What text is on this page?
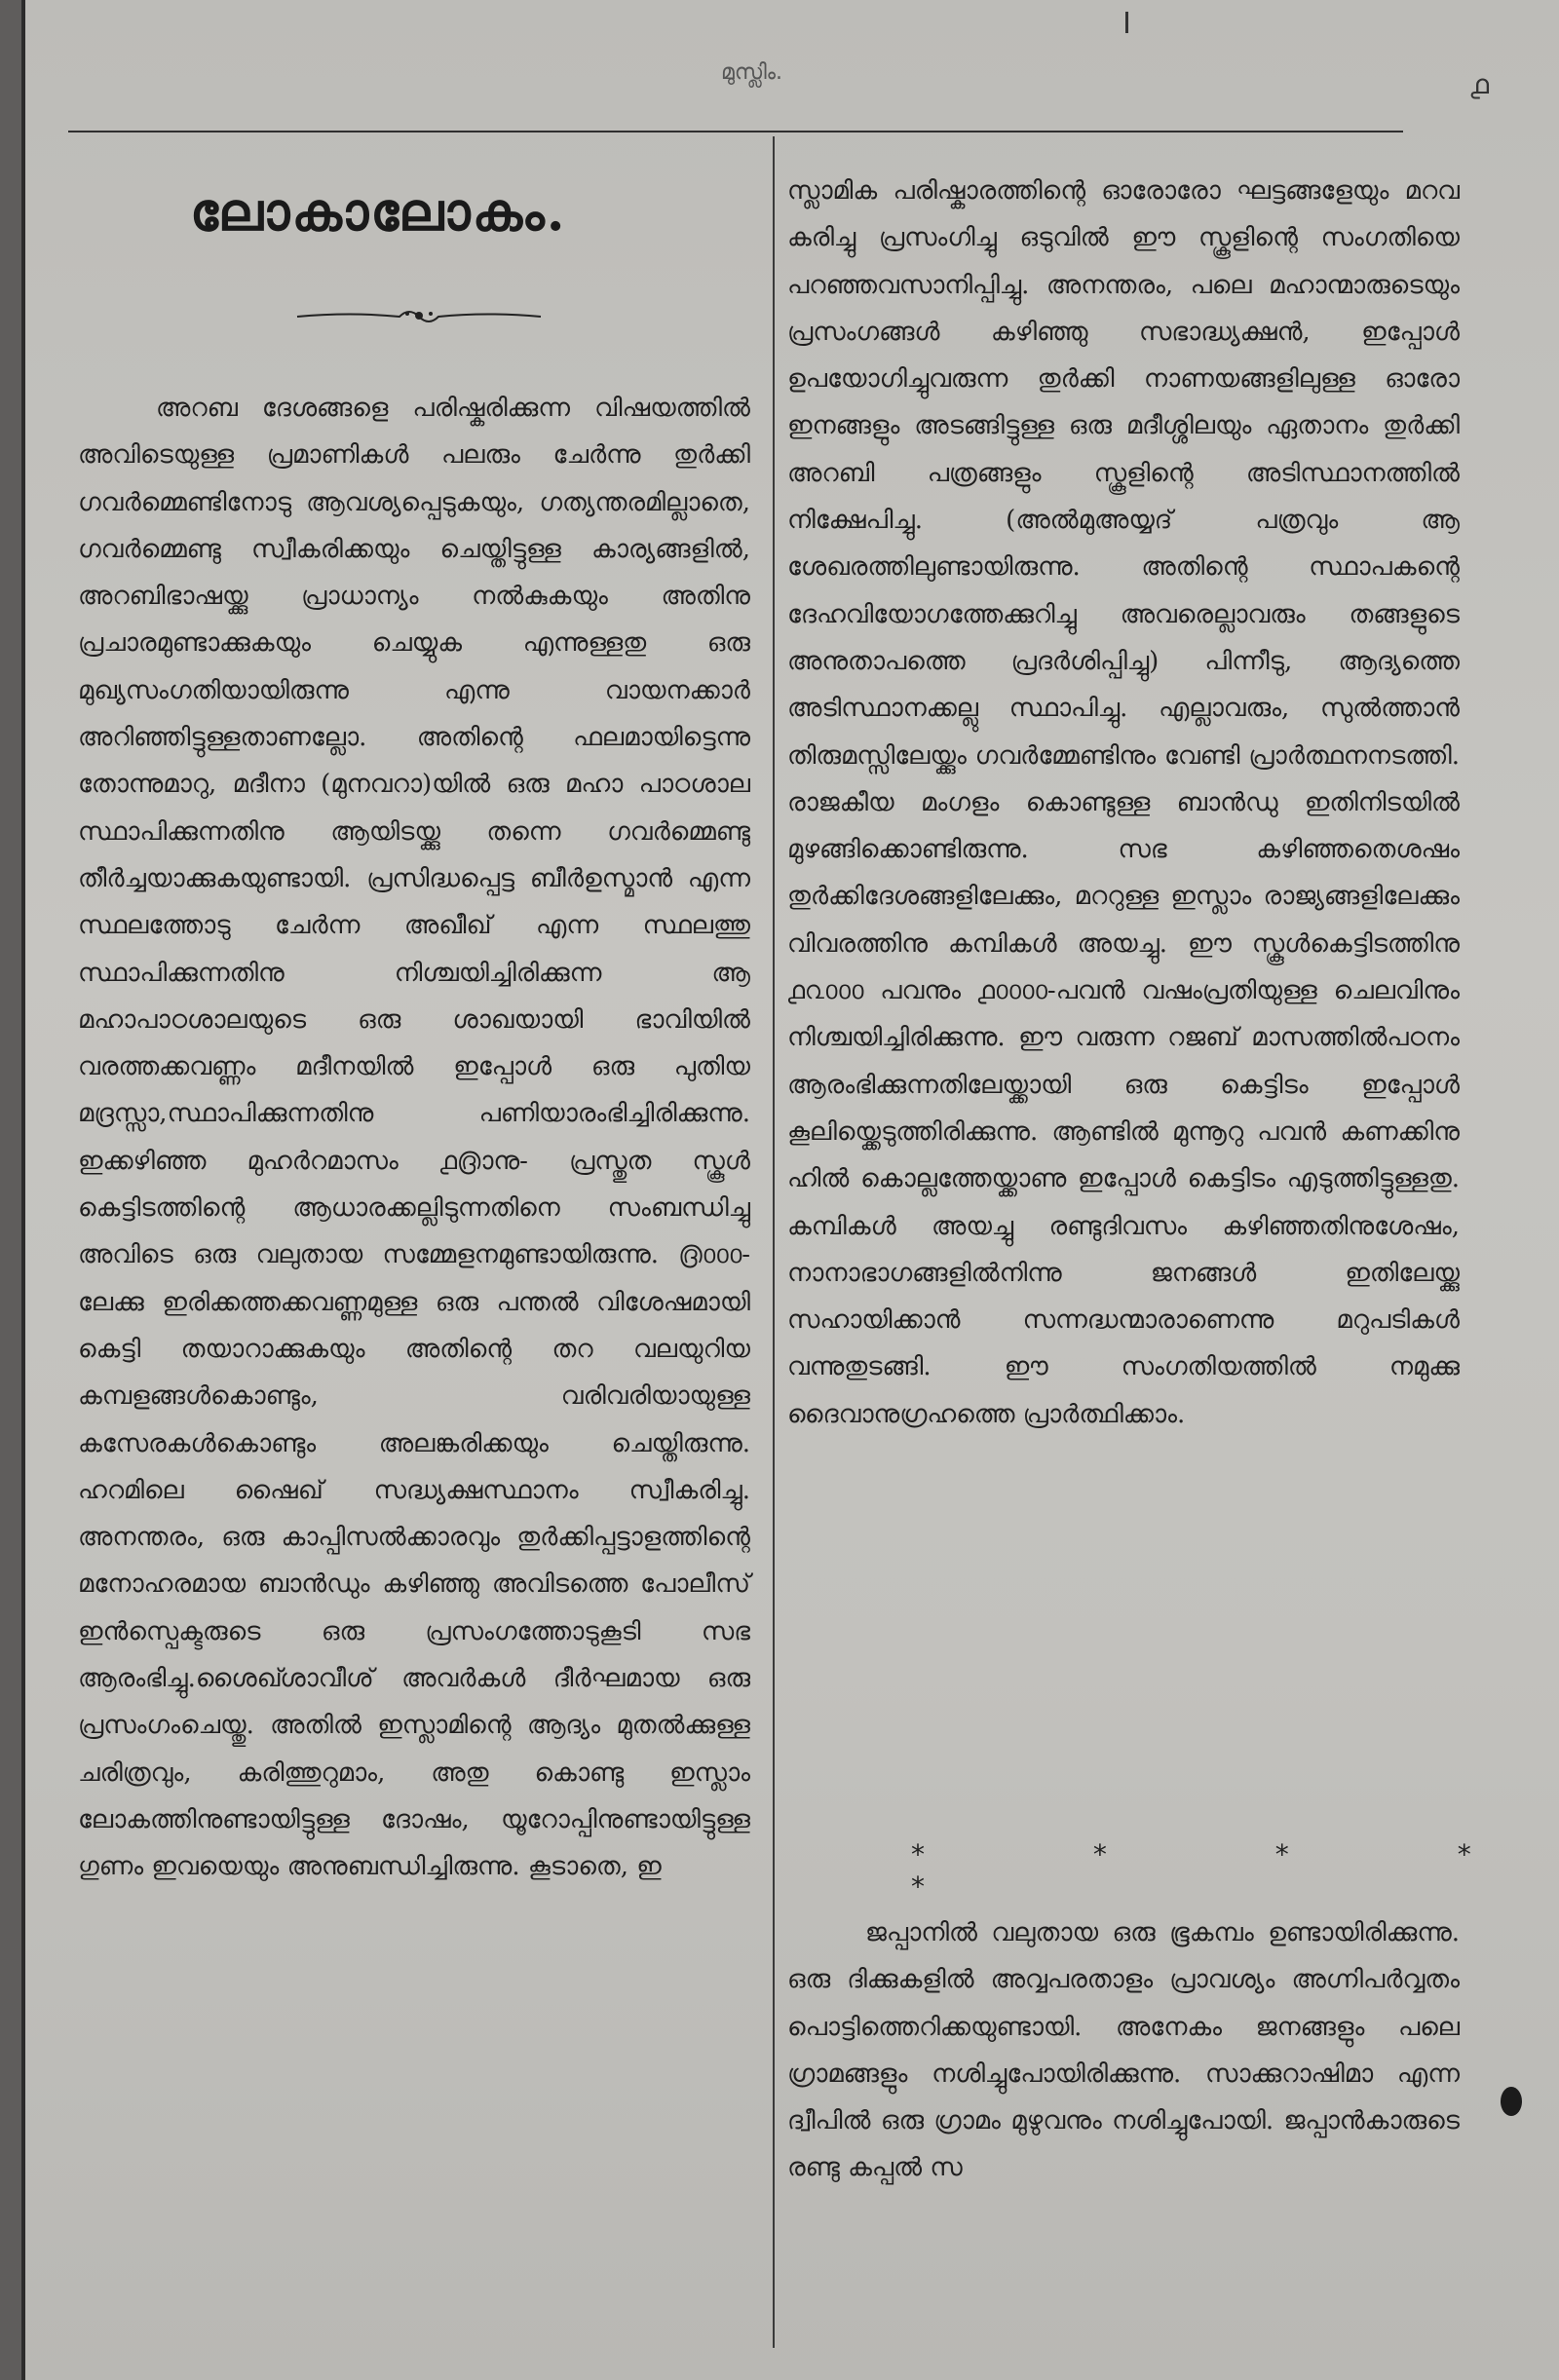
മുസ്ലിം.	൧
ലോകാലോകം.

അറബ ദേശങ്ങളെ പരിഷ്കരിക്കുന്ന വിഷയത്തിൽ അവിടെയുള്ള പ്രമാണികൾ പലരും ചേർന്നു തുർക്കി ഗവർമ്മെണ്ടിനോടു ആവശ്യപ്പെടുകയും, ഗത്യന്തരമില്ലാതെ, ഗവർമ്മെണ്ടു സ്വീകരിക്കയും ചെയ്തിട്ടുള്ള കാര്യങ്ങളിൽ, അറബിഭാഷയ്ക്കു പ്രാധാന്യം നൽകുകയും അതിനു പ്രചാരമുണ്ടാക്കുകയും ചെയ്യുക എന്നുള്ളതു ഒരു മുഖ്യസംഗതിയായിരുന്നു എന്നു വായനക്കാർ അറിഞ്ഞിട്ടുള്ളതാണല്ലോ. അതിന്റെ ഫലമായിട്ടെന്നു തോന്നുമാറു, മദീനാ (മുനവറാ)യിൽ ഒരു മഹാ പാഠശാല സ്ഥാപിക്കുന്നതിനു ആയിടയ്ക്കു തന്നെ ഗവർമ്മെണ്ടു തീർച്ചയാക്കുകയുണ്ടായി. പ്രസിദ്ധപ്പെട്ട ബീർഉസ്മാൻ എന്ന സ്ഥലത്തോടു ചേർന്ന അഖീഖ് എന്ന സ്ഥലത്തു സ്ഥാപിക്കുന്നതിനു നിശ്ചയിച്ചിരിക്കുന്ന ആ മഹാപാഠശാലയുടെ ഒരു ശാഖയായി ഭാവിയിൽ വരത്തക്കവണ്ണം മദീനയിൽ ഇപ്പോൾ ഒരു പുതിയ മദ്രസ്സാ,സ്ഥാപിക്കുന്നതിനു പണിയാരംഭിച്ചിരിക്കുന്നു. ഇക്കഴിഞ്ഞ മുഹർറമാസം ൧൫ാനു- പ്രസ്തുത സ്കൂൾ കെട്ടിടത്തിന്റെ ആധാരക്കല്ലിടുന്നതിനെ സംബന്ധിച്ചു അവിടെ ഒരു വലുതായ സമ്മേളനമുണ്ടായിരുന്നു. ൫൦൦൦-ലേക്കു ഇരിക്കത്തക്കവണ്ണമുള്ള ഒരു പന്തൽ വിശേഷമായി കെട്ടി തയാറാക്കുകയും അതിന്റെ തറ വലയുറിയ കമ്പളങ്ങൾകൊണ്ടും, വരിവരിയായുള്ള കസേരകൾകൊണ്ടും അലങ്കരിക്കയും ചെയ്തിരുന്നു. ഹറമിലെ ഷൈഖ് സദ്ധ്യക്ഷസ്ഥാനം സ്വീകരിച്ചു. അനന്തരം, ഒരു കാപ്പിസൽക്കാരവും തുർക്കിപ്പട്ടാളത്തിന്റെ മനോഹരമായ ബാൻഡും കഴിഞ്ഞു അവിടത്തെ പോലീസ് ഇൻസ്പെക്ടരുടെ ഒരു പ്രസംഗത്തോടുകൂടി സഭ ആരംഭിച്ചു.ശൈഖ്ശാവീശ് അവർകൾ ദീർഘമായ ഒരു പ്രസംഗംചെയ്തു. അതിൽ ഇസ്ലാമിന്റെ ആദ്യം മുതൽക്കുള്ള ചരിത്രവും, കരിത്തുറുമാം, അതു കൊണ്ടു ഇസ്ലാം ലോകത്തിനുണ്ടായിട്ടുള്ള ദോഷം, യൂറോപ്പിനുണ്ടായിട്ടുള്ള ഗുണം ഇവയെയും അനുബന്ധിച്ചിരുന്നു. കൂടാതെ, ഇ

സ്ലാമിക പരിഷ്കാരത്തിന്റെ ഓരോരോ ഘട്ടങ്ങളേയും മറവ കരിച്ചു പ്രസംഗിച്ചു ഒടുവിൽ ഈ സ്കൂളിന്റെ സംഗതിയെ പറഞ്ഞവസാനിപ്പിച്ചു. അനന്തരം, പലെ മഹാന്മാരുടെയും പ്രസംഗങ്ങൾ കഴിഞ്ഞു സഭാദ്ധ്യക്ഷൻ, ഇപ്പോൾ ഉപയോഗിച്ചുവരുന്ന തുർക്കി നാണയങ്ങളിലുള്ള ഓരോ ഇനങ്ങളും അടങ്ങിട്ടുള്ള ഒരു മദീശ്ശിലയും ഏതാനം തുർക്കി അറബി പത്രങ്ങളും സ്കൂളിന്റെ അടിസ്ഥാനത്തിൽ നിക്ഷേപിച്ചു. (അൽമുഅയ്യദ് പത്രവും ആ ശേഖരത്തിലുണ്ടായിരുന്നു. അതിന്റെ സ്ഥാപകന്റെ ദേഹവിയോഗത്തേക്കുറിച്ചു അവരെല്ലാവരും തങ്ങളുടെ അനുതാപത്തെ പ്രദർശിപ്പിച്ചു) പിന്നീടു, ആദ്യത്തെ അടിസ്ഥാനക്കല്ലു സ്ഥാപിച്ചു. എല്ലാവരും, സുൽത്താൻ തിരുമസ്സിലേയ്ക്കും ഗവർമ്മേണ്ടിനും വേണ്ടി പ്രാർത്ഥനനടത്തി. രാജകീയ മംഗളം കൊണ്ടുള്ള ബാൻഡു ഇതിനിടയിൽ മുഴങ്ങിക്കൊണ്ടിരുന്നു. സഭ കഴിഞ്ഞതെശഷം തുർക്കിദേശങ്ങളിലേക്കും, മററുള്ള ഇസ്ലാം രാജ്യങ്ങളിലേക്കും വിവരത്തിനു കമ്പികൾ അയച്ചു. ഈ സ്കൂൾകെട്ടിടത്തിനു ൧൨൦൦൦ പവനും ൧൦൦൦൦-പവൻ വഷംപ്രതിയുള്ള ചെലവിനും നിശ്ചയിച്ചിരിക്കുന്നു. ഈ വരുന്ന റജബ് മാസത്തിൽപഠനം ആരംഭിക്കുന്നതിലേയ്ക്കായി ഒരു കെട്ടിടം ഇപ്പോൾ കൂലിയ്ക്കെടുത്തിരിക്കുന്നു. ആണ്ടിൽ മുന്നൂറു പവൻ കണക്കിനു ഹിൽ കൊല്ലത്തേയ്ക്കാണു ഇപ്പോൾ കെട്ടിടം എടുത്തിട്ടുള്ളതു. കമ്പികൾ അയച്ചു രണ്ടുദിവസം കഴിഞ്ഞതിനുശേഷം, നാനാഭാഗങ്ങളിൽനിന്നു ജനങ്ങൾ ഇതിലേയ്ക്കു സഹായിക്കാൻ സന്നദ്ധന്മാരാണെന്നു മറുപടികൾ വന്നുതുടങ്ങി. ഈ സംഗതിയത്തിൽ നമുക്കു ദൈവാനുഗ്രഹത്തെ പ്രാർത്ഥിക്കാം.

* * * * *

ജപ്പാനിൽ വലുതായ ഒരു ഭൂകമ്പം ഉണ്ടായിരിക്കുന്നു. ഒരു ദിക്കുകളിൽ അവ്വപരതാളം പ്രാവശ്യം അഗ്നിപർവ്വതം പൊട്ടിത്തെറിക്കയുണ്ടായി. അനേകം ജനങ്ങളും പലെ ഗ്രാമങ്ങളും നശിച്ചുപോയിരിക്കുന്നു. സാക്കുറാഷിമാ എന്ന ദ്വീപിൽ ഒരു ഗ്രാമം മുഴുവനും നശിച്ചുപോയി. ജപ്പാൻകാരുടെ രണ്ടു കപ്പൽ സ
